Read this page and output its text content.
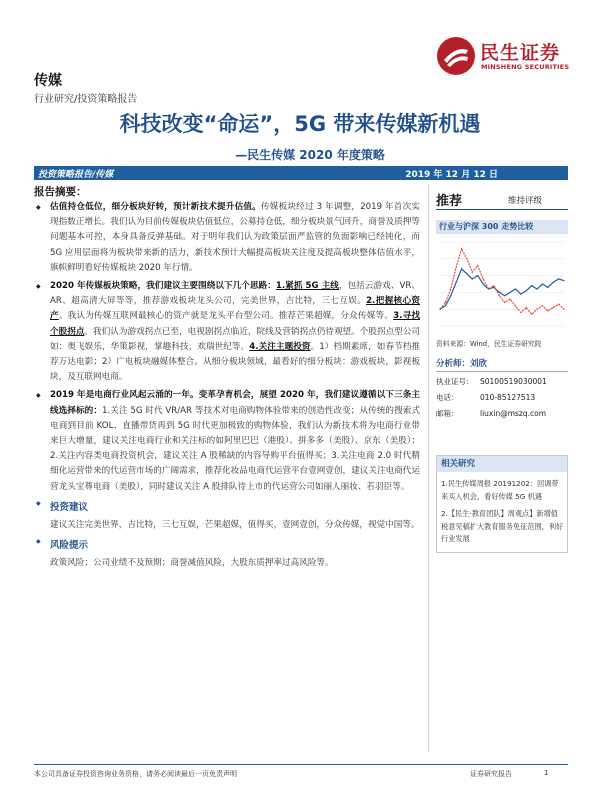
民生证券
MINSHENG SECURITIES
传媒
行业研究/投资策略报告
科技改变“命运”，5G 带来传媒新机遇
—民生传媒 2020 年度策略
投资策略报告/传媒	2019 年 12 月 12 日
报告摘要：
◆ 估值持仓低位，细分板块好转，预计新技术提升估值。传媒板块经过 3 年调整，2019 年首次实现指数正增长。我们认为目前传媒板块估值低位，公募持仓低，细分板块景气回升，商誉及质押等问题基本可控，本身具备反弹基础。对于明年我们认为政策层面严监管的负面影响已经钝化，而 5G 应用层面将为板块带来新的活力，新技术预计大幅提高板块关注度及提高板块整体估值水平，旗帜鲜明看好传媒板块 2020 年行情。
◆ 2020 年传媒板块策略，我们建议主要围绕以下几个思路：1.紧抓 5G 主线，包括云游戏、VR、AR、超高清大屏等等，推荐游戏板块龙头公司，完美世界，吉比特，三七互娱。2.把握核心资产。我认为传媒互联网最核心的资产就是龙头平台型公司。推荐芒果超媒，分众传媒等。3.寻找个股拐点。我们认为游戏拐点已至，电视剧拐点临近，院线及营销拐点仍待观望。个股拐点型公司如：奥飞娱乐，华策影视，掌趣科技，欢瑞世纪等。4.关注主题投资。1）档期素席，如春节档推荐万达电影；2）广电板块融媒体整合。从细分板块领域，最看好的细分板块：游戏板块，影视板块，及互联网电商。
◆ 2019 年是电商行业风起云涌的一年。变革孕育机会，展望 2020 年，我们建议遵循以下三条主线选择标的：1.关注 5G 时代 VR/AR 等技术对电商购物体验带来的创造性改变；从传统的搜索式电商到目前 KOL、直播带货再到 5G 时代更加极致的购物体验，我们认为新技术将为电商行业带来巨大增量，建议关注电商行业和关注标的如阿里巴巴（港股）、拼多多（美股）、京东（美股）；2.关注内容类电商投资机会，建议关注 A 股稀缺的内容导购平台值得买；3.关注电商 2.0 时代精细化运营带来的代运营市场的广阔需求，推荐化妆品电商代运营平台壹网壹创，建议关注电商代运营龙头宝尊电商（美股），同时建议关注 A 股排队待上市的代运营公司如丽人丽妆、若羽臣等。
◆ 投资建议
建议关注完美世界，吉比特，三七互娱，芒果超媒，值得买，壹网壹创，分众传媒，视觉中国等。
◆ 风险提示
政策风险；公司业绩不及预期；商誉减值风险，大股东质押率过高风险等。
推荐	维持评级
行业与沪深 300 走势比较
资料来源：Wind，民生证券研究院
分析师：刘欣
执业证号： S0100519030001
电话：	010-85127513
邮箱：	liuxin@mszq.com
相关研究
1.民生传媒周报 20191202：回调带来买入机会，看好传媒 5G 机遇
2.【民生·教育团队】周观点】新增值税意见稿扩大教育服务免征范围，利好行业发展
本公司具备证券投资咨询业务资格，请务必阅读最后一页免责声明	证券研究报告	1
